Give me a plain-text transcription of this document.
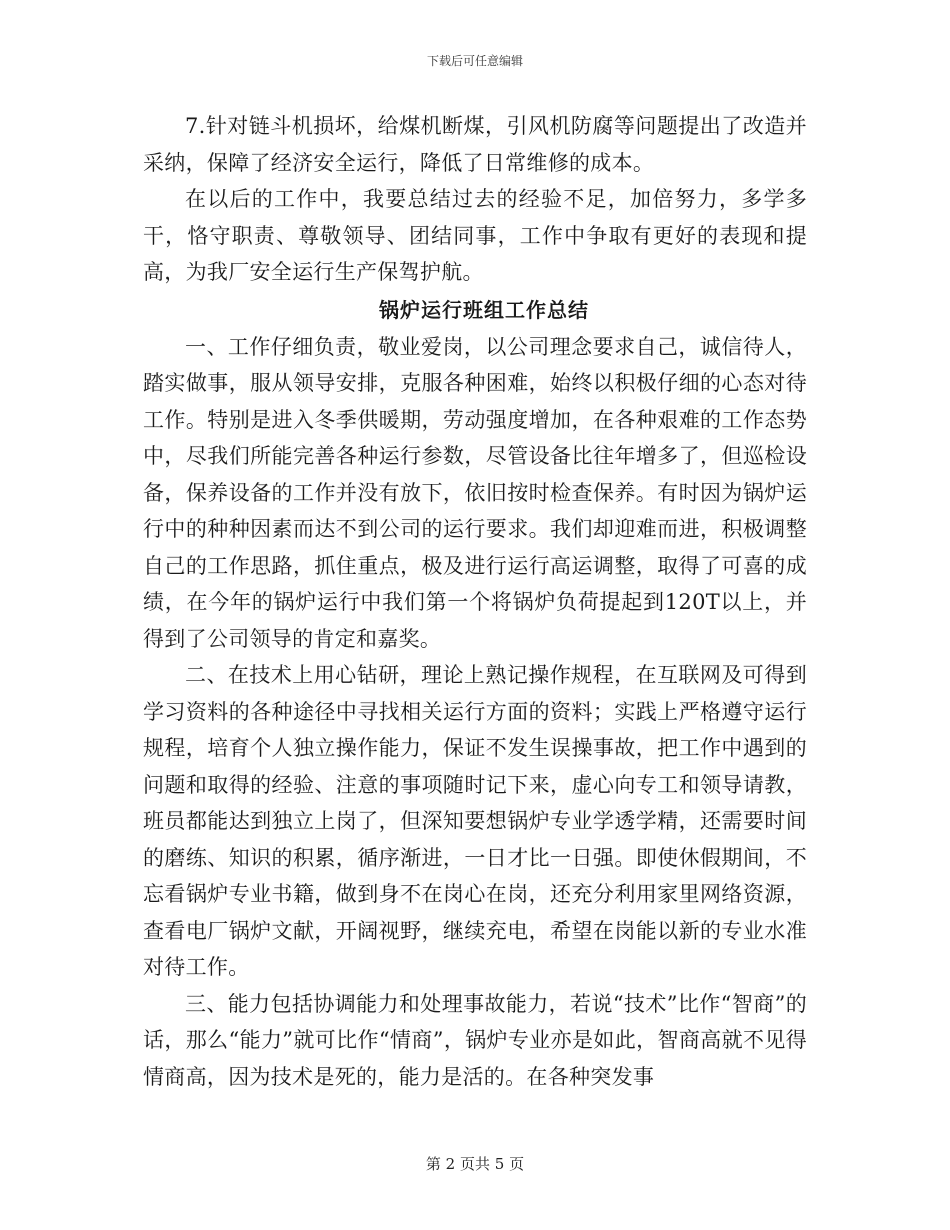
下载后可任意编辑

7.针对链斗机损坏，给煤机断煤，引风机防腐等问题提出了改造并采纳，保障了经济安全运行，降低了日常维修的成本。

在以后的工作中，我要总结过去的经验不足，加倍努力，多学多干，恪守职责、尊敬领导、团结同事，工作中争取有更好的表现和提高，为我厂安全运行生产保驾护航。

锅炉运行班组工作总结

一、工作仔细负责，敬业爱岗，以公司理念要求自己，诚信待人，踏实做事，服从领导安排，克服各种困难，始终以积极仔细的心态对待工作。特别是进入冬季供暖期，劳动强度增加，在各种艰难的工作态势中，尽我们所能完善各种运行参数，尽管设备比往年增多了，但巡检设备，保养设备的工作并没有放下，依旧按时检查保养。有时因为锅炉运行中的种种因素而达不到公司的运行要求。我们却迎难而进，积极调整自己的工作思路，抓住重点，极及进行运行高运调整，取得了可喜的成绩，在今年的锅炉运行中我们第一个将锅炉负荷提起到120T以上，并得到了公司领导的肯定和嘉奖。

二、在技术上用心钻研，理论上熟记操作规程，在互联网及可得到学习资料的各种途径中寻找相关运行方面的资料；实践上严格遵守运行规程，培育个人独立操作能力，保证不发生误操事故，把工作中遇到的问题和取得的经验、注意的事项随时记下来，虚心向专工和领导请教，班员都能达到独立上岗了，但深知要想锅炉专业学透学精，还需要时间的磨练、知识的积累，循序渐进，一日才比一日强。即使休假期间，不忘看锅炉专业书籍，做到身不在岗心在岗，还充分利用家里网络资源，查看电厂锅炉文献，开阔视野，继续充电，希望在岗能以新的专业水准对待工作。

三、能力包括协调能力和处理事故能力，若说“技术”比作“智商”的话，那么“能力”就可比作“情商”，锅炉专业亦是如此，智商高就不见得情商高，因为技术是死的，能力是活的。在各种突发事

第 2 页共 5 页
